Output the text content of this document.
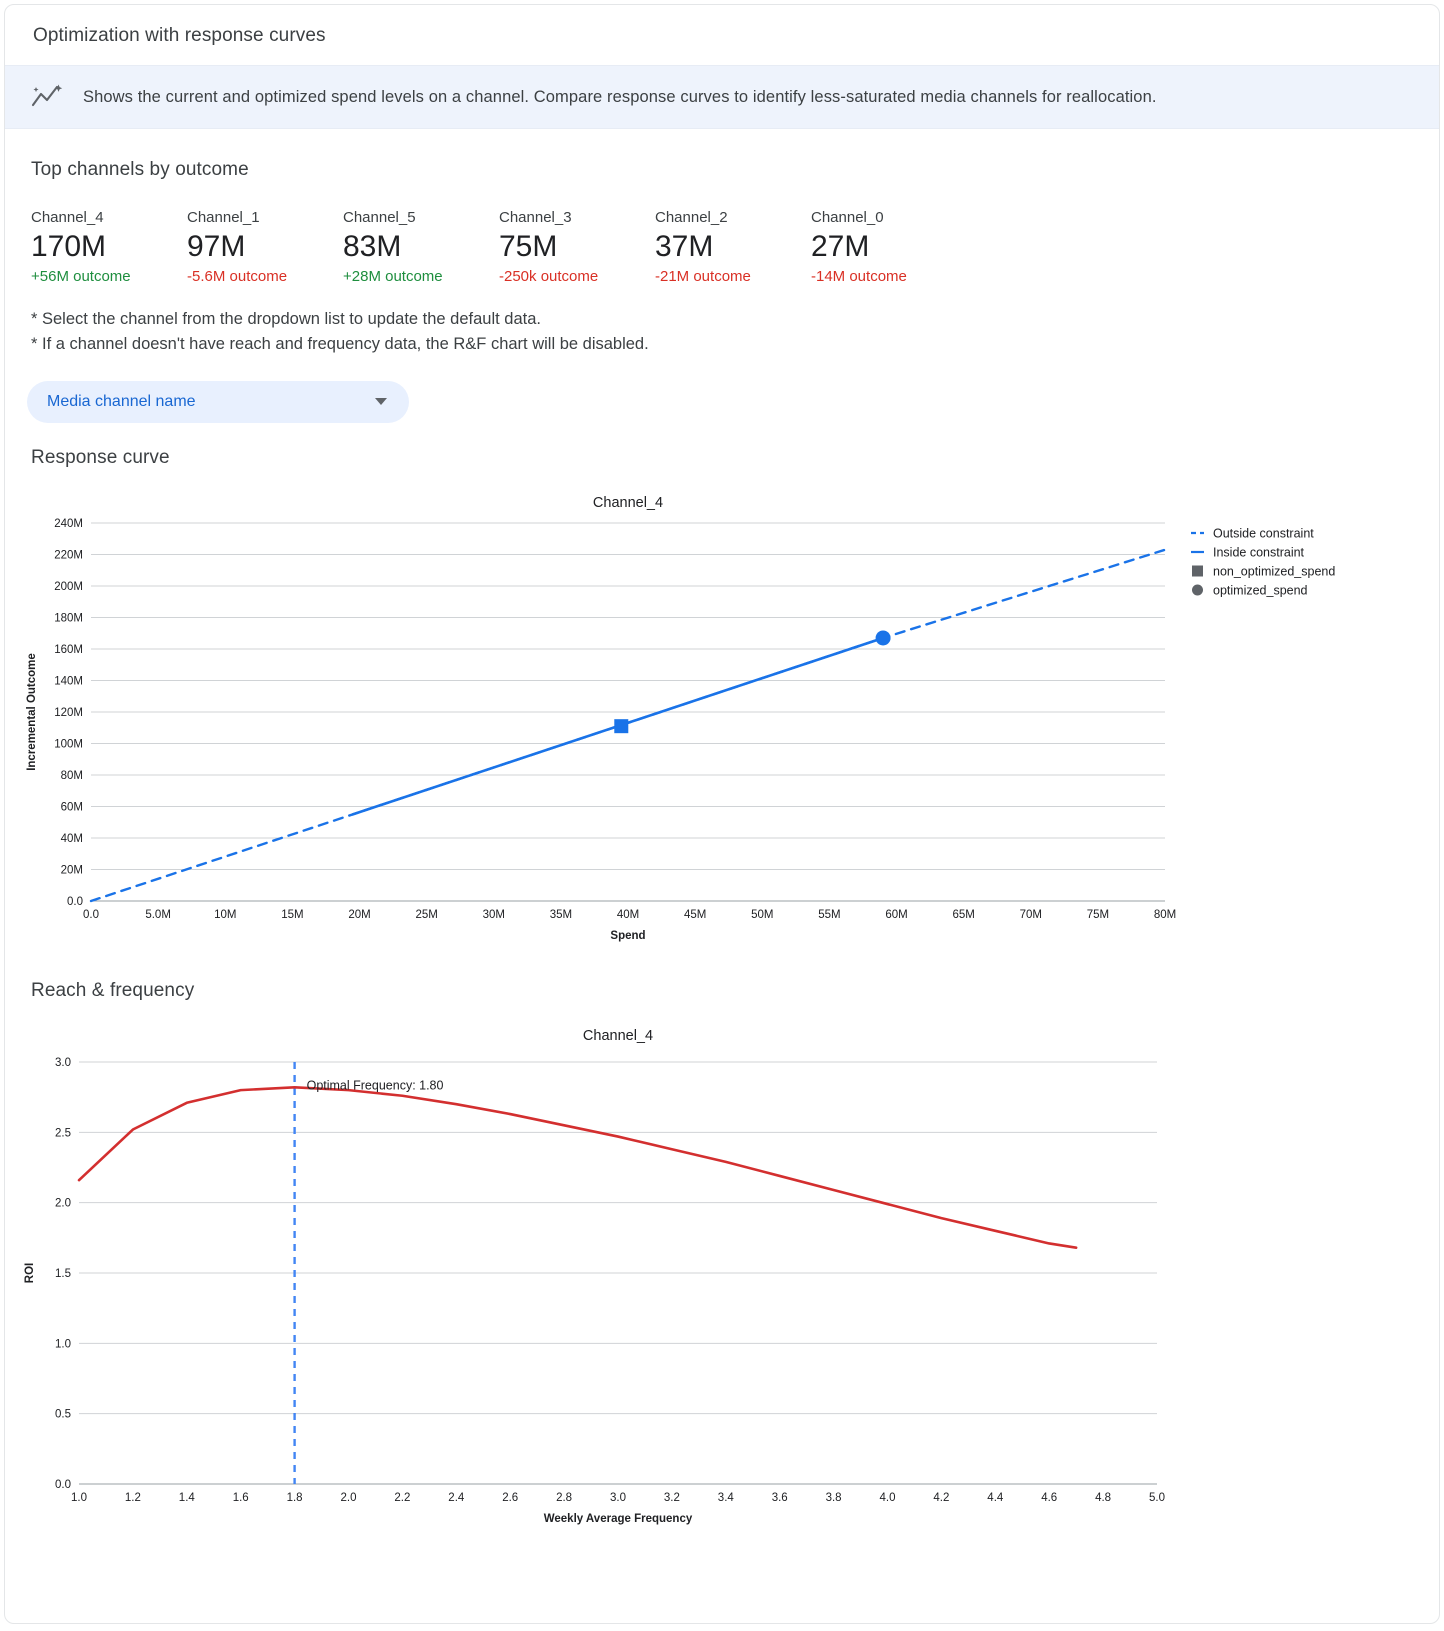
Optimization with response curves
Shows the current and optimized spend levels on a channel. Compare response curves to identify less-saturated media channels for reallocation.
Top channels by outcome
Channel_4
170M
+56M outcome
Channel_1
97M
-5.6M outcome
Channel_5
83M
+28M outcome
Channel_3
75M
-250k outcome
Channel_2
37M
-21M outcome
Channel_0
27M
-14M outcome
* Select the channel from the dropdown list to update the default data.
* If a channel doesn't have reach and frequency data, the R&F chart will be disabled.
Media channel name
Response curve
Channel_4
0.0
20M
40M
60M
80M
100M
120M
140M
160M
180M
200M
220M
240M
0.0	5.0M	10M	15M	20M	25M	30M	35M	40M	45M	50M	55M	60M	65M	70M	75M	80M
Spend
Incremental Outcome
Outside constraint
Inside constraint
non_optimized_spend
optimized_spend
Reach & frequency
Channel_4
0.0
0.5
1.0
1.5
2.0
2.5
3.0
1.0	1.2	1.4	1.6	1.8	2.0	2.2	2.4	2.6	2.8	3.0	3.2	3.4	3.6	3.8	4.0	4.2	4.4	4.6	4.8	5.0
Weekly Average Frequency
ROI
Optimal Frequency: 1.80
